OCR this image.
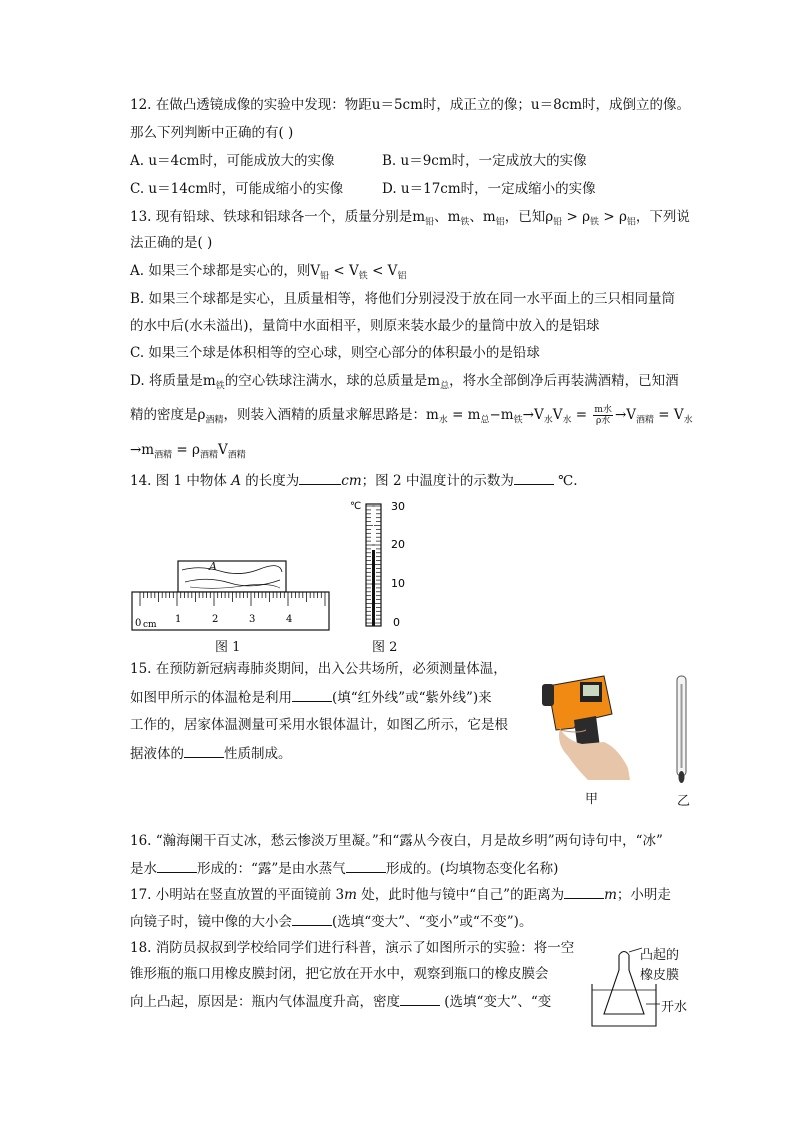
12. 在做凸透镜成像的实验中发现：物距u＝5cm时，成正立的像；u＝8cm时，成倒立的像。
那么下列判断中正确的有( )
A. u＝4cm时，可能成放大的实像	B. u＝9cm时，一定成放大的实像
C. u＝14cm时，可能成缩小的实像	D. u＝17cm时，一定成缩小的实像
13. 现有铅球、铁球和铝球各一个，质量分别是$m_铅$、$m_铁$、$m_铝$，已知$\rho_铅 > \rho_铁 > \rho_铝$，下列说
法正确的是( )
A. 如果三个球都是实心的，则$V_铅 < V_铁 < V_铝$
B. 如果三个球都是实心，且质量相等，将他们分别浸没于放在同一水平面上的三只相同量筒
的水中后(水未溢出)，量筒中水面相平，则原来装水最少的量筒中放入的是铝球
C. 如果三个球是体积相等的空心球，则空心部分的体积最小的是铅球
D. 将质量是$m_铁$的空心铁球注满水，球的总质量是$m_总$，将水全部倒净后再装满酒精，已知酒
精的密度是$\rho_{酒精}$，则装入酒精的质量求解思路是：$m_水 = m_总-m_铁\to V_水V_水 = \frac{\text{m水}}{\text{ρ水}} \to V_{酒精} = V_水$
$\to m_{酒精} = \rho_{酒精}V_{酒精}$
14. 图 1 中物体 A 的长度为	cm；图 2 中温度计的示数为	℃.
0 cm 1	2	3	4
A
图 1
30
20
10
0
℃
图 2
15. 在预防新冠病毒肺炎期间，出入公共场所，必须测量体温，
如图甲所示的体温枪是利用	(填“红外线”或“紫外线”)来
工作的，居家体温测量可采用水银体温计，如图乙所示，它是根
据液体的	性质制成。
甲	乙
16. “瀚海阑干百丈冰，愁云惨淡万里凝。”和“露从今夜白，月是故乡明”两句诗句中，“冰”
是水	形成的：“露”是由水蒸气	形成的。(均填物态变化名称)
17. 小明站在竖直放置的平面镜前 3m 处，此时他与镜中“自己”的距离为	m；小明走
向镜子时，镜中像的大小会	(选填“变大”、“变小”或“不变”)。
18. 消防员叔叔到学校给同学们进行科普，演示了如图所示的实验：将一空
锥形瓶的瓶口用橡皮膜封闭，把它放在开水中，观察到瓶口的橡皮膜会
向上凸起，原因是：瓶内气体温度升高，密度	(选填“变大”、“变
凸起的
橡皮膜
开水
